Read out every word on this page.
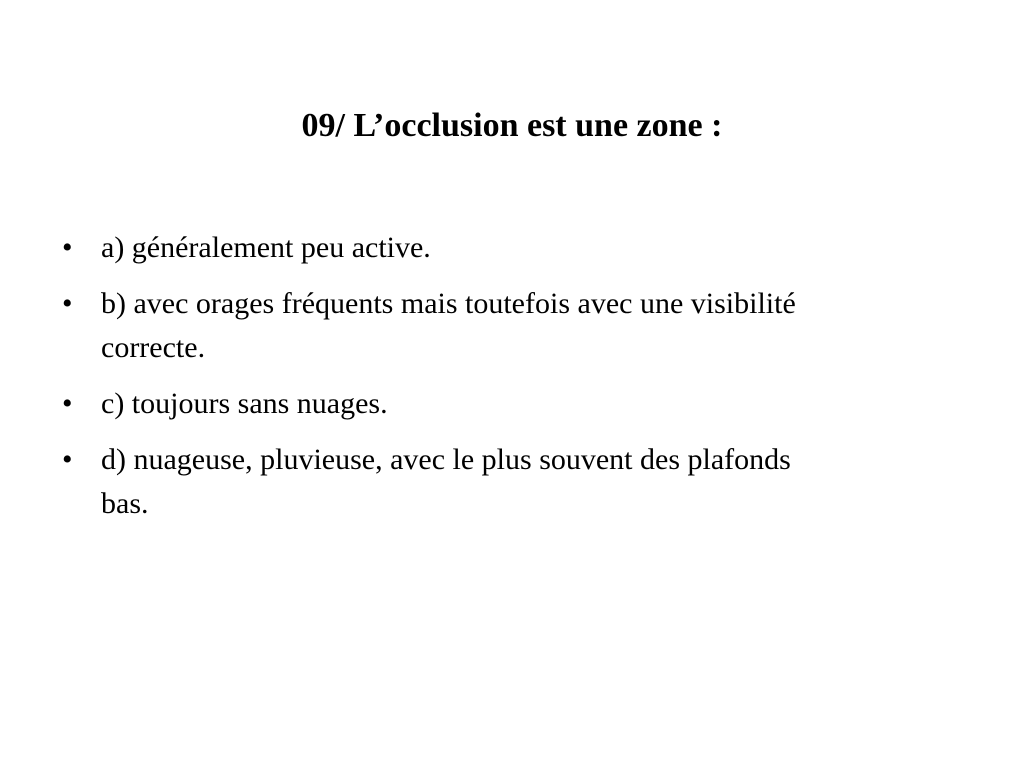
09/ L’occlusion est une zone :
• a) généralement peu active.
• b) avec orages fréquents mais toutefois avec une visibilité correcte.
• c) toujours sans nuages.
• d) nuageuse, pluvieuse, avec le plus souvent des plafonds bas.
